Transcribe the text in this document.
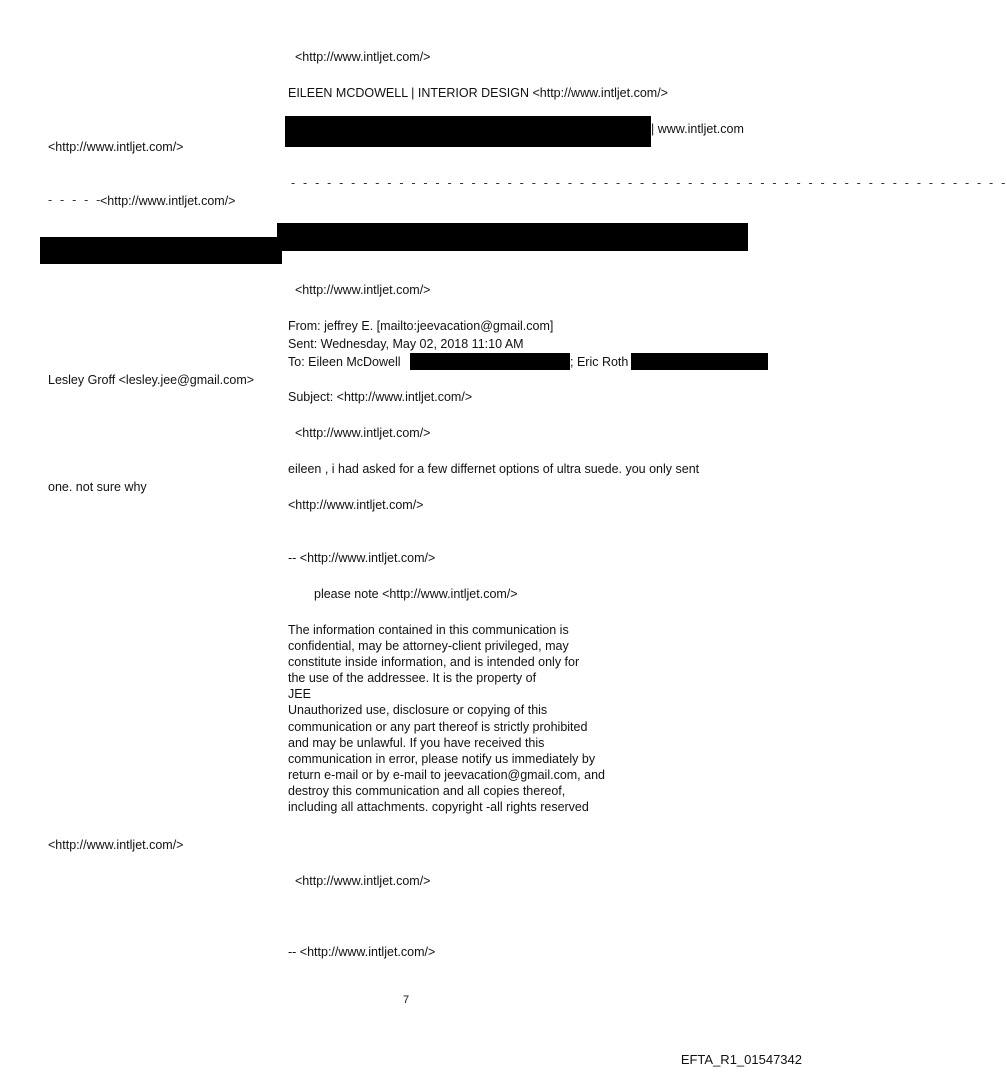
<http://www.intljet.com/>
EILEEN MCDOWELL | INTERIOR DESIGN <http://www.intljet.com/>
| www.intljet.com
<http://www.intljet.com/>
- - - - - - - - - - - - - - - - - - - - - - - - - - - - - - - - - - - - - - - - - - - - - - - - - - - - - - - - - - - -
- - - - -
<http://www.intljet.com/>
<http://www.intljet.com/>
From: jeffrey E. [mailto:jeevacation@gmail.com]
Sent: Wednesday, May 02, 2018 11:10 AM
To: Eileen McDowell	; Eric Roth
Lesley Groff <lesley.jee@gmail.com>
Subject: <http://www.intljet.com/>
<http://www.intljet.com/>
eileen , i had asked for a few differnet options of ultra suede. you only sent
one. not sure why
<http://www.intljet.com/>
-- <http://www.intljet.com/>
please note <http://www.intljet.com/>
The information contained in this communication is
confidential, may be attorney-client privileged, may
constitute inside information, and is intended only for
the use of the addressee. It is the property of
JEE
Unauthorized use, disclosure or copying of this
communication or any part thereof is strictly prohibited
and may be unlawful. If you have received this
communication in error, please notify us immediately by
return e-mail or by e-mail to jeevacation@gmail.com, and
destroy this communication and all copies thereof,
including all attachments. copyright -all rights reserved
<http://www.intljet.com/>
<http://www.intljet.com/>
-- <http://www.intljet.com/>
7
EFTA_R1_01547342
